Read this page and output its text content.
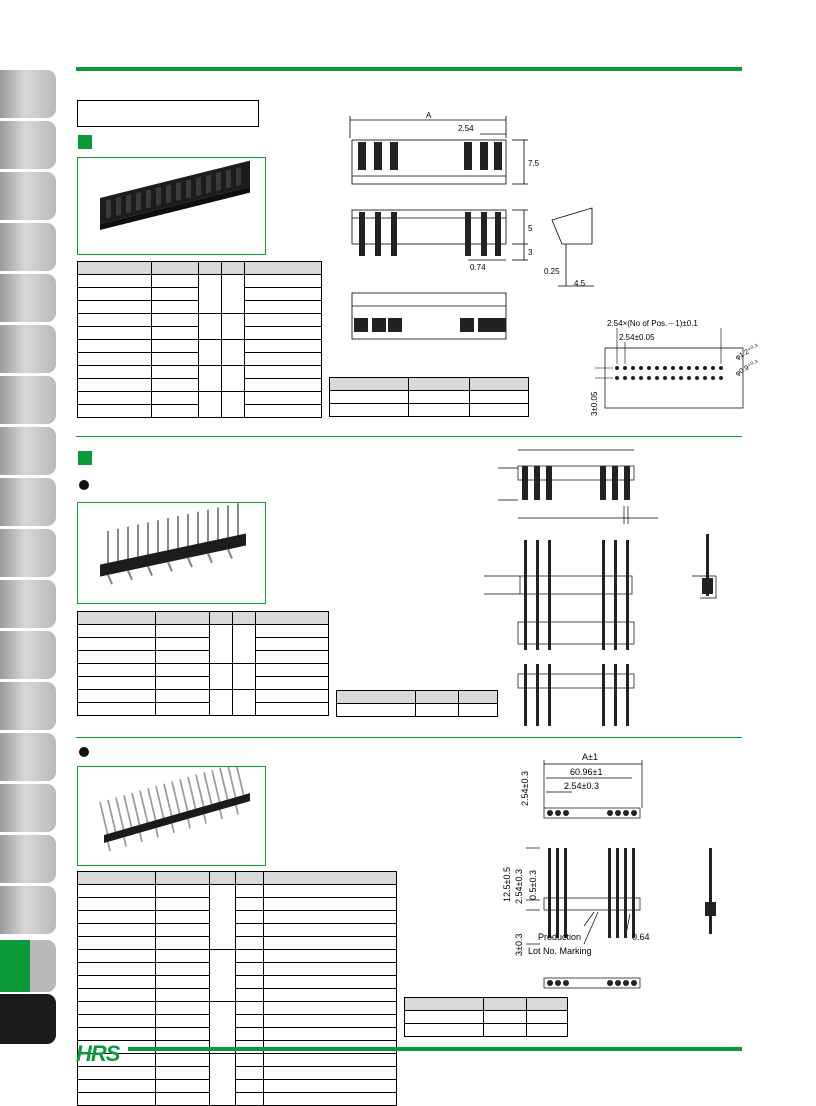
A
2.54
7.5
5
3
0.74	0.25
4.5

2.54×(No of Pos.－1)±0.1
2.54±0.05
φ1.2⁺⁰·¹
φ0.9⁺⁰·¹
3±0.05

A±1
60.96±1
2.54±0.3
2.54±0.3
12.5±0.5 2.54±0.3 0.5±0.3
3±0.3	0.64
Production
Lot No. Marking
HRS
